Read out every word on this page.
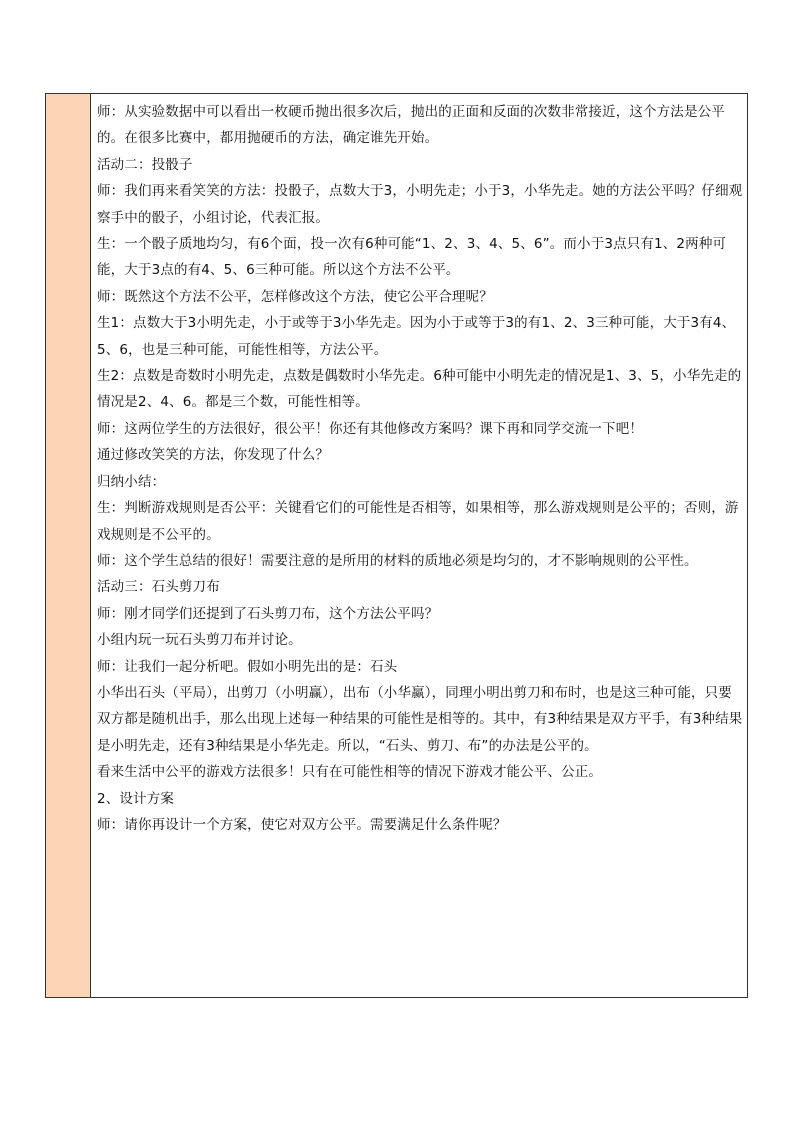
师：从实验数据中可以看出一枚硬币抛出很多次后，抛出的正面和反面的次数非常接近，这个方法是公平的。在很多比赛中，都用抛硬币的方法，确定谁先开始。

活动二：投骰子

师：我们再来看笑笑的方法：投骰子，点数大于3，小明先走；小于3，小华先走。她的方法公平吗？仔细观察手中的骰子，小组讨论，代表汇报。

生：一个骰子质地均匀，有6个面，投一次有6种可能“1、2、3、4、5、6”。而小于3点只有1、2两种可能，大于3点的有4、5、6三种可能。所以这个方法不公平。

师：既然这个方法不公平，怎样修改这个方法，使它公平合理呢？

生1：点数大于3小明先走，小于或等于3小华先走。因为小于或等于3的有1、2、3三种可能，大于3有4、5、6，也是三种可能，可能性相等，方法公平。

生2：点数是奇数时小明先走，点数是偶数时小华先走。6种可能中小明先走的情况是1、3、5，小华先走的情况是2、4、6。都是三个数，可能性相等。

师：这两位学生的方法很好，很公平！你还有其他修改方案吗？课下再和同学交流一下吧！

通过修改笑笑的方法，你发现了什么？

归纳小结：

生：判断游戏规则是否公平：关键看它们的可能性是否相等，如果相等，那么游戏规则是公平的；否则，游戏规则是不公平的。

师：这个学生总结的很好！需要注意的是所用的材料的质地必须是均匀的，才不影响规则的公平性。

活动三：石头剪刀布

师：刚才同学们还提到了石头剪刀布，这个方法公平吗？

小组内玩一玩石头剪刀布并讨论。

师：让我们一起分析吧。假如小明先出的是：石头

小华出石头（平局），出剪刀（小明赢），出布（小华赢），同理小明出剪刀和布时，也是这三种可能，只要双方都是随机出手，那么出现上述每一种结果的可能性是相等的。其中，有3种结果是双方平手，有3种结果是小明先走，还有3种结果是小华先走。所以，“石头、剪刀、布”的办法是公平的。

看来生活中公平的游戏方法很多！只有在可能性相等的情况下游戏才能公平、公正。

2、设计方案

师：请你再设计一个方案，使它对双方公平。需要满足什么条件呢？
